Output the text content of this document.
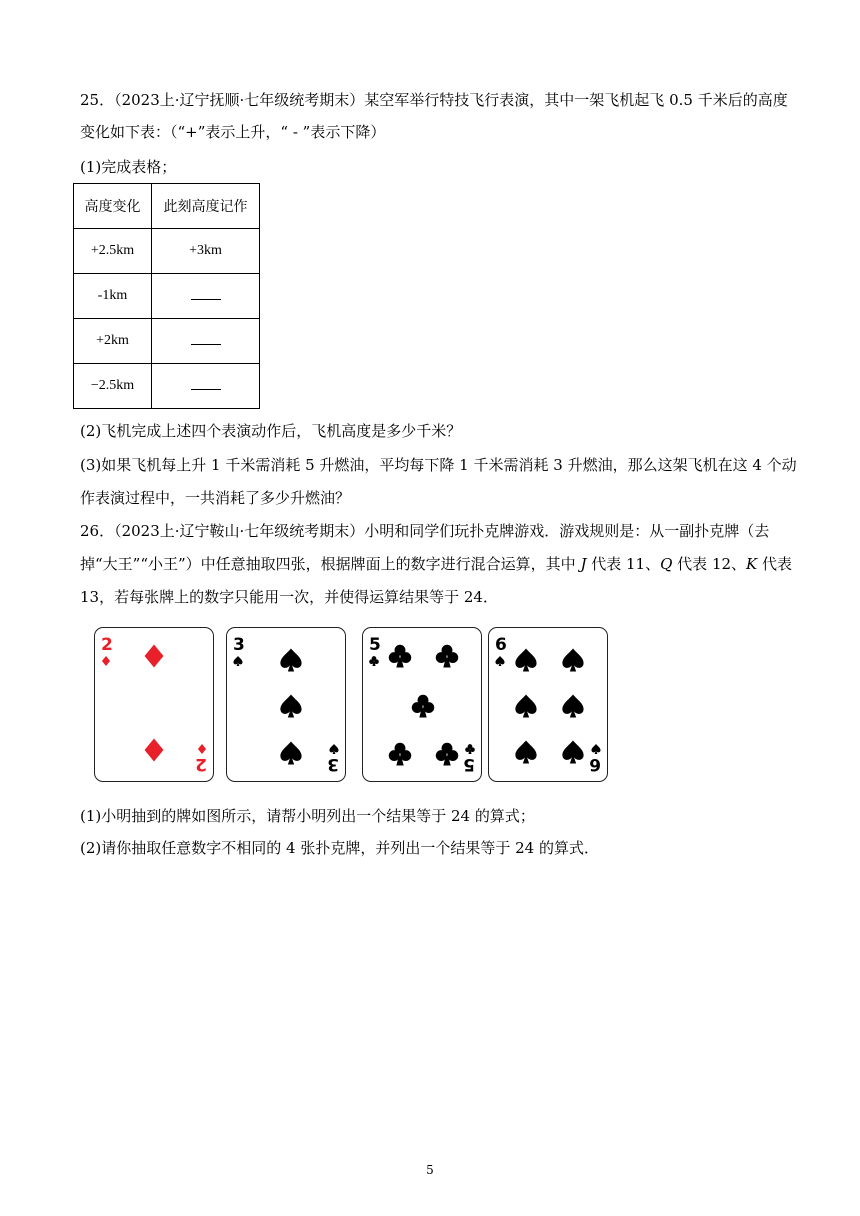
25．（2023上·辽宁抚顺·七年级统考期末）某空军举行特技飞行表演，其中一架飞机起飞 0.5 千米后的高度
变化如下表：（“+”表示上升，“ - ”表示下降）
(1)完成表格；
高度变化	此刻高度记作
+2.5km	+3km
-1km	
+2km	
−2.5km	
(2)飞机完成上述四个表演动作后，飞机高度是多少千米？
(3)如果飞机每上升 1 千米需消耗 5 升燃油，平均每下降 1 千米需消耗 3 升燃油，那么这架飞机在这 4 个动
作表演过程中，一共消耗了多少升燃油？
26．（2023上·辽宁鞍山·七年级统考期末）小明和同学们玩扑克牌游戏．游戏规则是：从一副扑克牌（去
掉“大王”“小王”）中任意抽取四张，根据牌面上的数字进行混合运算，其中 J 代表 11、Q 代表 12、K 代表
13，若每张牌上的数字只能用一次，并使得运算结果等于 24．
2
2
3
3
5
5
6
6
(1)小明抽到的牌如图所示，请帮小明列出一个结果等于 24 的算式；
(2)请你抽取任意数字不相同的 4 张扑克牌，并列出一个结果等于 24 的算式．
5
